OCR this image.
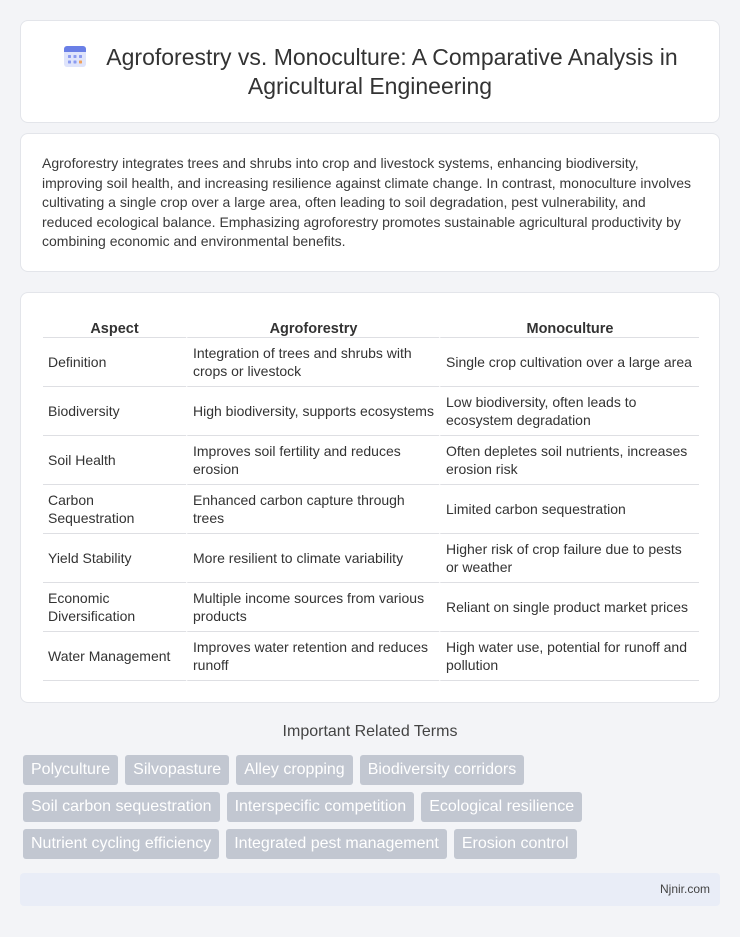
Agroforestry vs. Monoculture: A Comparative Analysis in Agricultural Engineering

Agroforestry integrates trees and shrubs into crop and livestock systems, enhancing biodiversity, improving soil health, and increasing resilience against climate change. In contrast, monoculture involves cultivating a single crop over a large area, often leading to soil degradation, pest vulnerability, and reduced ecological balance. Emphasizing agroforestry promotes sustainable agricultural productivity by combining economic and environmental benefits.

Aspect	Agroforestry	Monoculture
Definition	Integration of trees and shrubs with crops or livestock	Single crop cultivation over a large area
Biodiversity	High biodiversity, supports ecosystems	Low biodiversity, often leads to ecosystem degradation
Soil Health	Improves soil fertility and reduces erosion	Often depletes soil nutrients, increases erosion risk
Carbon Sequestration	Enhanced carbon capture through trees	Limited carbon sequestration
Yield Stability	More resilient to climate variability	Higher risk of crop failure due to pests or weather
Economic Diversification	Multiple income sources from various products	Reliant on single product market prices
Water Management	Improves water retention and reduces runoff	High water use, potential for runoff and pollution
Important Related Terms
Polyculture	Silvopasture	Alley cropping	Biodiversity corridors
Soil carbon sequestration	Interspecific competition	Ecological resilience
Nutrient cycling efficiency	Integrated pest management	Erosion control
Njnir.com
